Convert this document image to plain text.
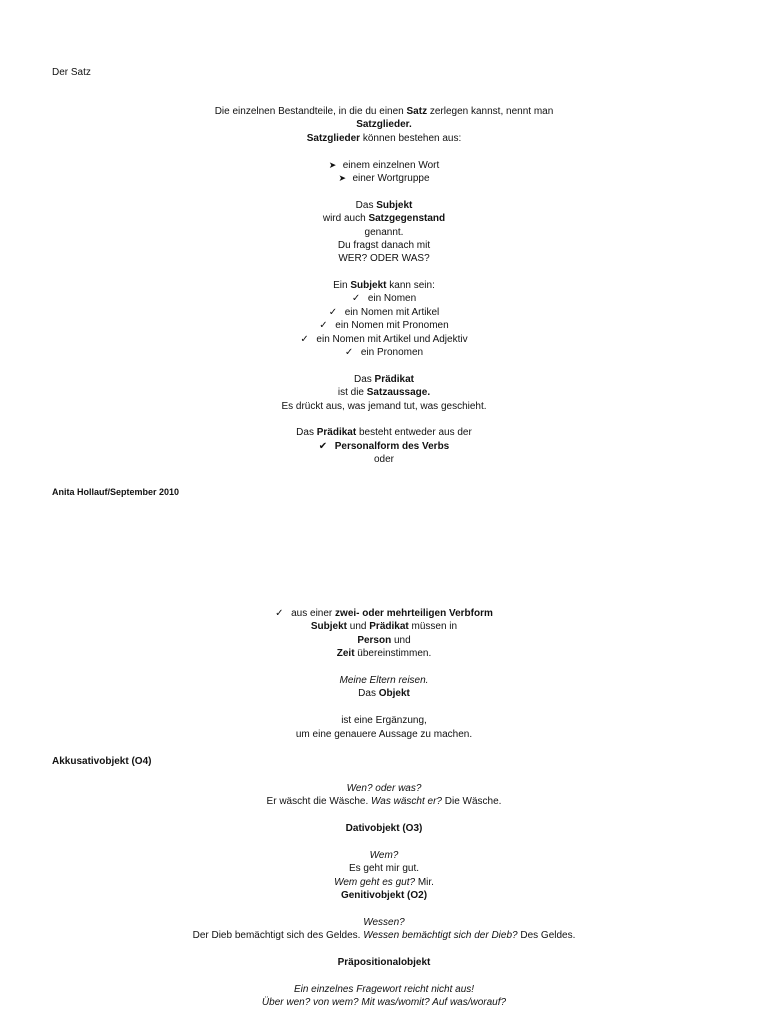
Der Satz
Die einzelnen Bestandteile, in die du einen Satz zerlegen kannst, nennt man
Satzglieder.
Satzglieder können bestehen aus:
➤ einem einzelnen Wort
➤ einer Wortgruppe
Das Subjekt
wird auch Satzgegenstand
genannt.
Du fragst danach mit
WER? ODER WAS?
Ein Subjekt kann sein:
✓ ein Nomen
✓ ein Nomen mit Artikel
✓ ein Nomen mit Pronomen
✓ ein Nomen mit Artikel und Adjektiv
✓ ein Pronomen
Das Prädikat
ist die Satzaussage.
Es drückt aus, was jemand tut, was geschieht.
Das Prädikat besteht entweder aus der
✔ Personalform des Verbs
oder
Anita Hollauf/September 2010
✓ aus einer zwei- oder mehrteiligen Verbform
Subjekt und Prädikat müssen in
Person und
Zeit übereinstimmen.
Meine Eltern reisen.
Das Objekt
ist eine Ergänzung,
um eine genauere Aussage zu machen.
Akkusativobjekt (O4)
Wen? oder was?
Er wäscht die Wäsche. Was wäscht er? Die Wäsche.
Dativobjekt (O3)
Wem?
Es geht mir gut.
Wem geht es gut? Mir.
Genitivobjekt (O2)
Wessen?
Der Dieb bemächtigt sich des Geldes. Wessen bemächtigt sich der Dieb? Des Geldes.
Präpositionalobjekt
Ein einzelnes Fragewort reicht nicht aus!
Über wen? von wem? Mit was/womit? Auf was/worauf?
